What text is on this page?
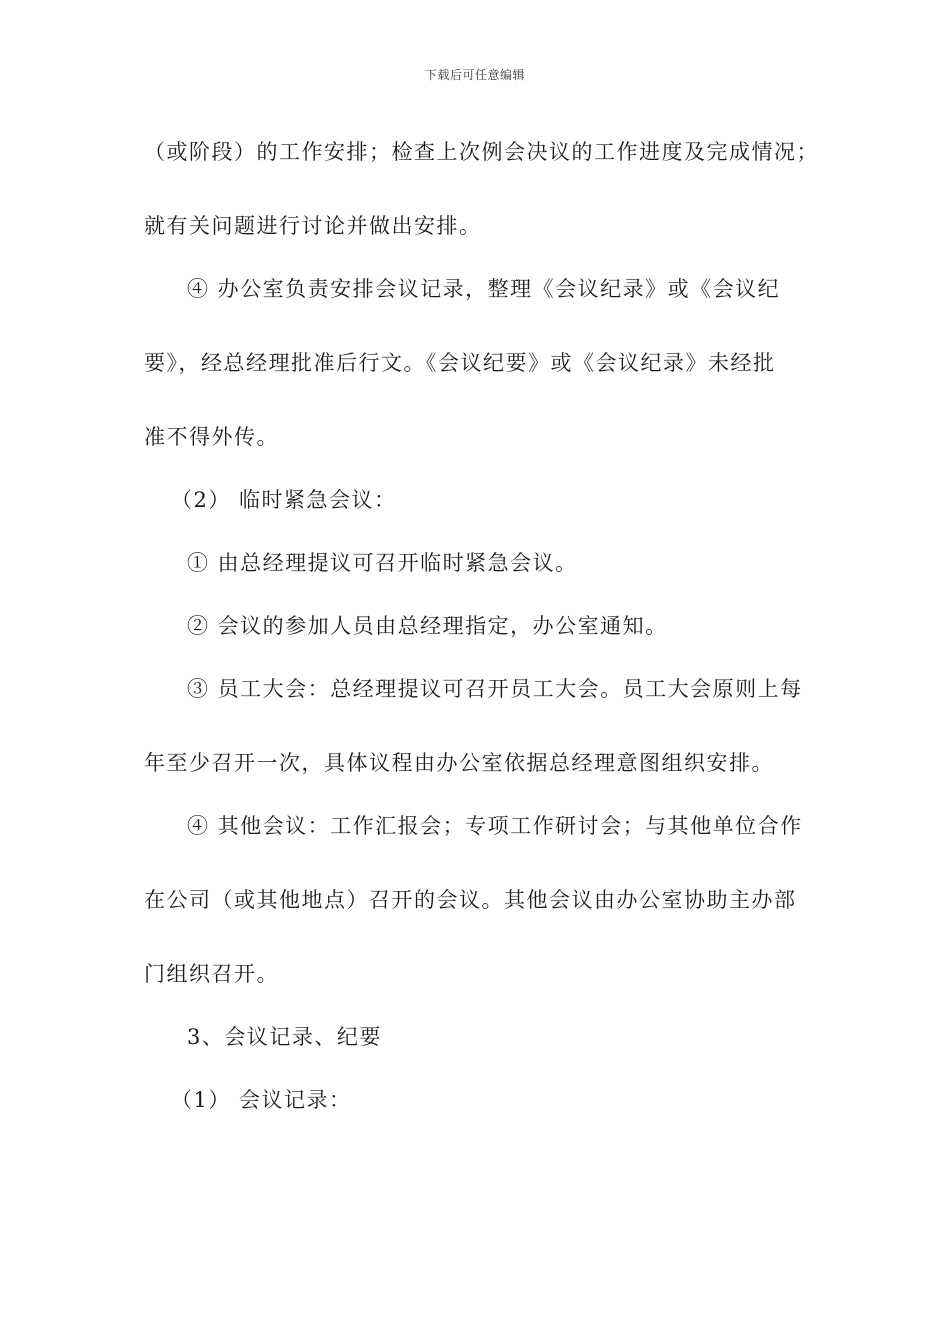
下载后可任意编辑
（或阶段）的工作安排；检查上次例会决议的工作进度及完成情况；
就有关问题进行讨论并做出安排。
④ 办公室负责安排会议记录，整理《会议纪录》或《会议纪
要》，经总经理批准后行文。《会议纪要》或《会议纪录》未经批
准不得外传。
（2） 临时紧急会议：
① 由总经理提议可召开临时紧急会议。
② 会议的参加人员由总经理指定，办公室通知。
③ 员工大会：总经理提议可召开员工大会。员工大会原则上每
年至少召开一次，具体议程由办公室依据总经理意图组织安排。
④ 其他会议：工作汇报会；专项工作研讨会；与其他单位合作
在公司（或其他地点）召开的会议。其他会议由办公室协助主办部
门组织召开。
3、会议记录、纪要
（1） 会议记录：
